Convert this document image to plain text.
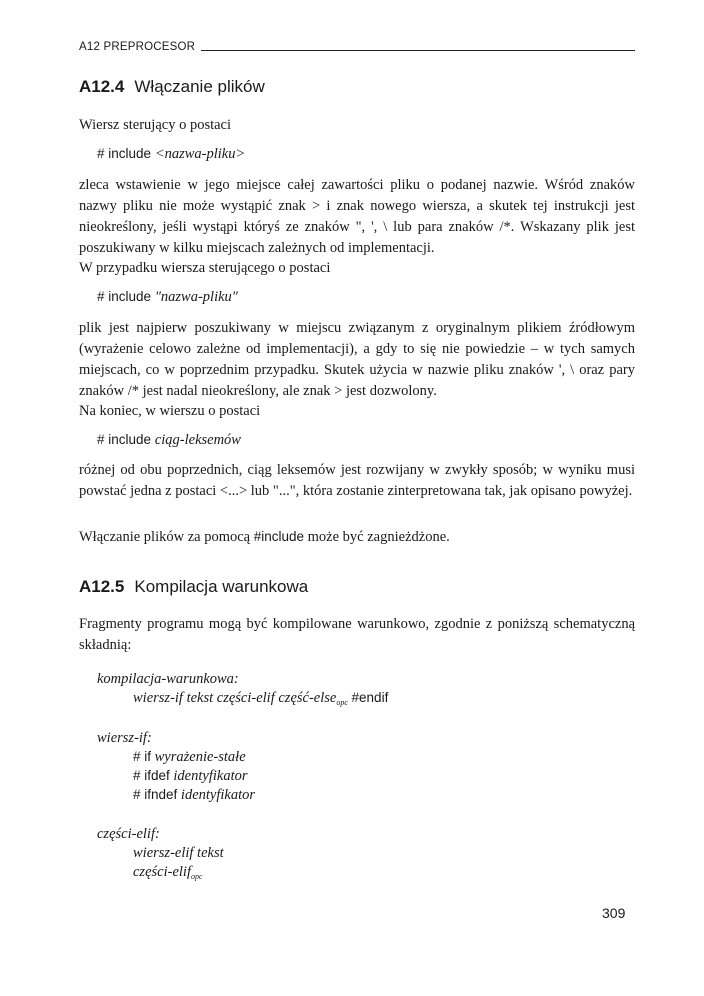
A12 PREPROCESOR
A12.4 Włączanie plików

Wiersz sterujący o postaci

# include <nazwa-pliku>

zleca wstawienie w jego miejsce całej zawartości pliku o podanej nazwie. Wśród znaków nazwy pliku nie może wystąpić znak > i znak nowego wiersza, a skutek tej instrukcji jest nieokreślony, jeśli wystąpi któryś ze znaków ", ', \ lub para znaków /*. Wskazany plik jest poszukiwany w kilku miejscach zależnych od implementacji.

W przypadku wiersza sterującego o postaci

# include "nazwa-pliku"

plik jest najpierw poszukiwany w miejscu związanym z oryginalnym plikiem źródłowym (wyrażenie celowo zależne od implementacji), a gdy to się nie powiedzie – w tych samych miejscach, co w poprzednim przypadku. Skutek użycia w nazwie pliku znaków ', \ oraz pary znaków /* jest nadal nieokreślony, ale znak > jest dozwolony.

Na koniec, w wierszu o postaci

# include ciąg-leksemów

różnej od obu poprzednich, ciąg leksemów jest rozwijany w zwykły sposób; w wyniku musi powstać jedna z postaci <...> lub "...", która zostanie zinterpretowana tak, jak opisano powyżej.

Włączanie plików za pomocą #include może być zagnieżdżone.

A12.5 Kompilacja warunkowa

Fragmenty programu mogą być kompilowane warunkowo, zgodnie z poniższą schematyczną składnią:

kompilacja-warunkowa:
wiersz-if tekst części-elif część-else$_{opc}$ #endif
wiersz-if:
# if wyrażenie-stałe
# ifdef identyfikator
# ifndef identyfikator
części-elif:
wiersz-elif tekst
części-elif$_{opc}$
309
